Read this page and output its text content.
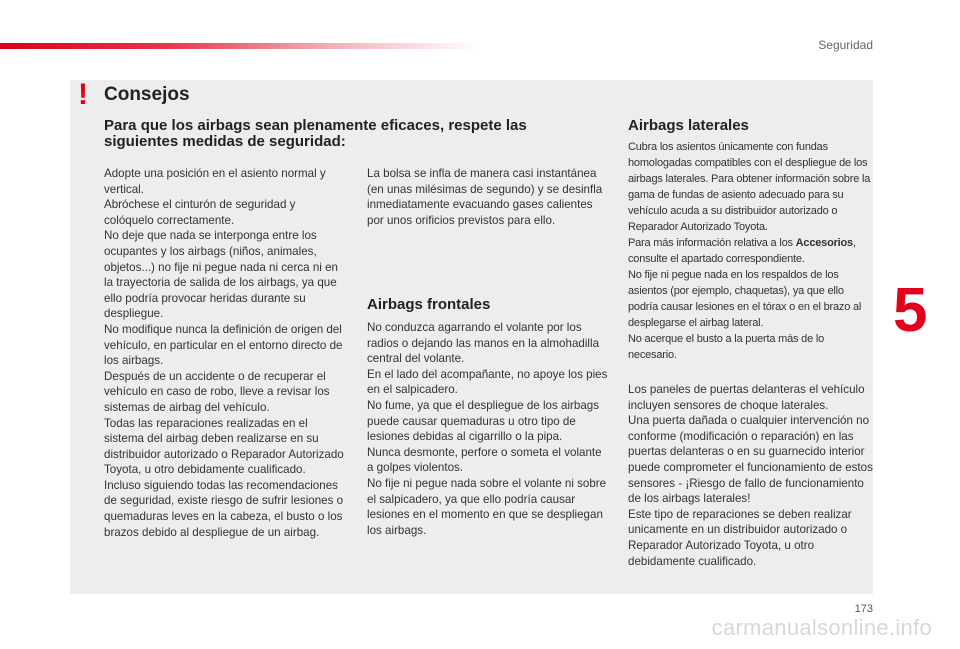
Seguridad
! Consejos
Para que los airbags sean plenamente eficaces, respete las siguientes medidas de seguridad:

Adopte una posición en el asiento normal y vertical.

Abróchese el cinturón de seguridad y colóquelo correctamente.

No deje que nada se interponga entre los ocupantes y los airbags (niños, animales, objetos...) no fije ni pegue nada ni cerca ni en la trayectoria de salida de los airbags, ya que ello podría provocar heridas durante su despliegue.

No modifique nunca la definición de origen del vehículo, en particular en el entorno directo de los airbags.

Después de un accidente o de recuperar el vehículo en caso de robo, lleve a revisar los sistemas de airbag del vehículo.

Todas las reparaciones realizadas en el sistema del airbag deben realizarse en su distribuidor autorizado o Reparador Autorizado Toyota, u otro debidamente cualificado.

Incluso siguiendo todas las recomendaciones de seguridad, existe riesgo de sufrir lesiones o quemaduras leves en la cabeza, el busto o los brazos debido al despliegue de un airbag.

La bolsa se infla de manera casi instantánea (en unas milésimas de segundo) y se desinfla inmediatamente evacuando gases calientes por unos orificios previstos para ello.
Airbags frontales

No conduzca agarrando el volante por los radios o dejando las manos en la almohadilla central del volante.

En el lado del acompañante, no apoye los pies en el salpicadero.

No fume, ya que el despliegue de los airbags puede causar quemaduras u otro tipo de lesiones debidas al cigarrillo o la pipa.

Nunca desmonte, perfore o someta el volante a golpes violentos.

No fije ni pegue nada sobre el volante ni sobre el salpicadero, ya que ello podría causar lesiones en el momento en que se despliegan los airbags.

Airbags laterales

Cubra los asientos únicamente con fundas homologadas compatibles con el despliegue de los airbags laterales. Para obtener información sobre la gama de fundas de asiento adecuado para su vehículo acuda a su distribuidor autorizado o Reparador Autorizado Toyota.

Para más información relativa a los Accesorios, consulte el apartado correspondiente.

No fije ni pegue nada en los respaldos de los asientos (por ejemplo, chaquetas), ya que ello podría causar lesiones en el tórax o en el brazo al desplegarse el airbag lateral.

No acerque el busto a la puerta más de lo necesario.

Los paneles de puertas delanteras el vehículo incluyen sensores de choque laterales.

Una puerta dañada o cualquier intervención no conforme (modificación o reparación) en las puertas delanteras o en su guarnecido interior puede comprometer el funcionamiento de estos sensores - ¡Riesgo de fallo de funcionamiento de los airbags laterales!

Este tipo de reparaciones se deben realizar unicamente en un distribuidor autorizado o Reparador Autorizado Toyota, u otro debidamente cualificado.

5
173
carmanualsonline.info
